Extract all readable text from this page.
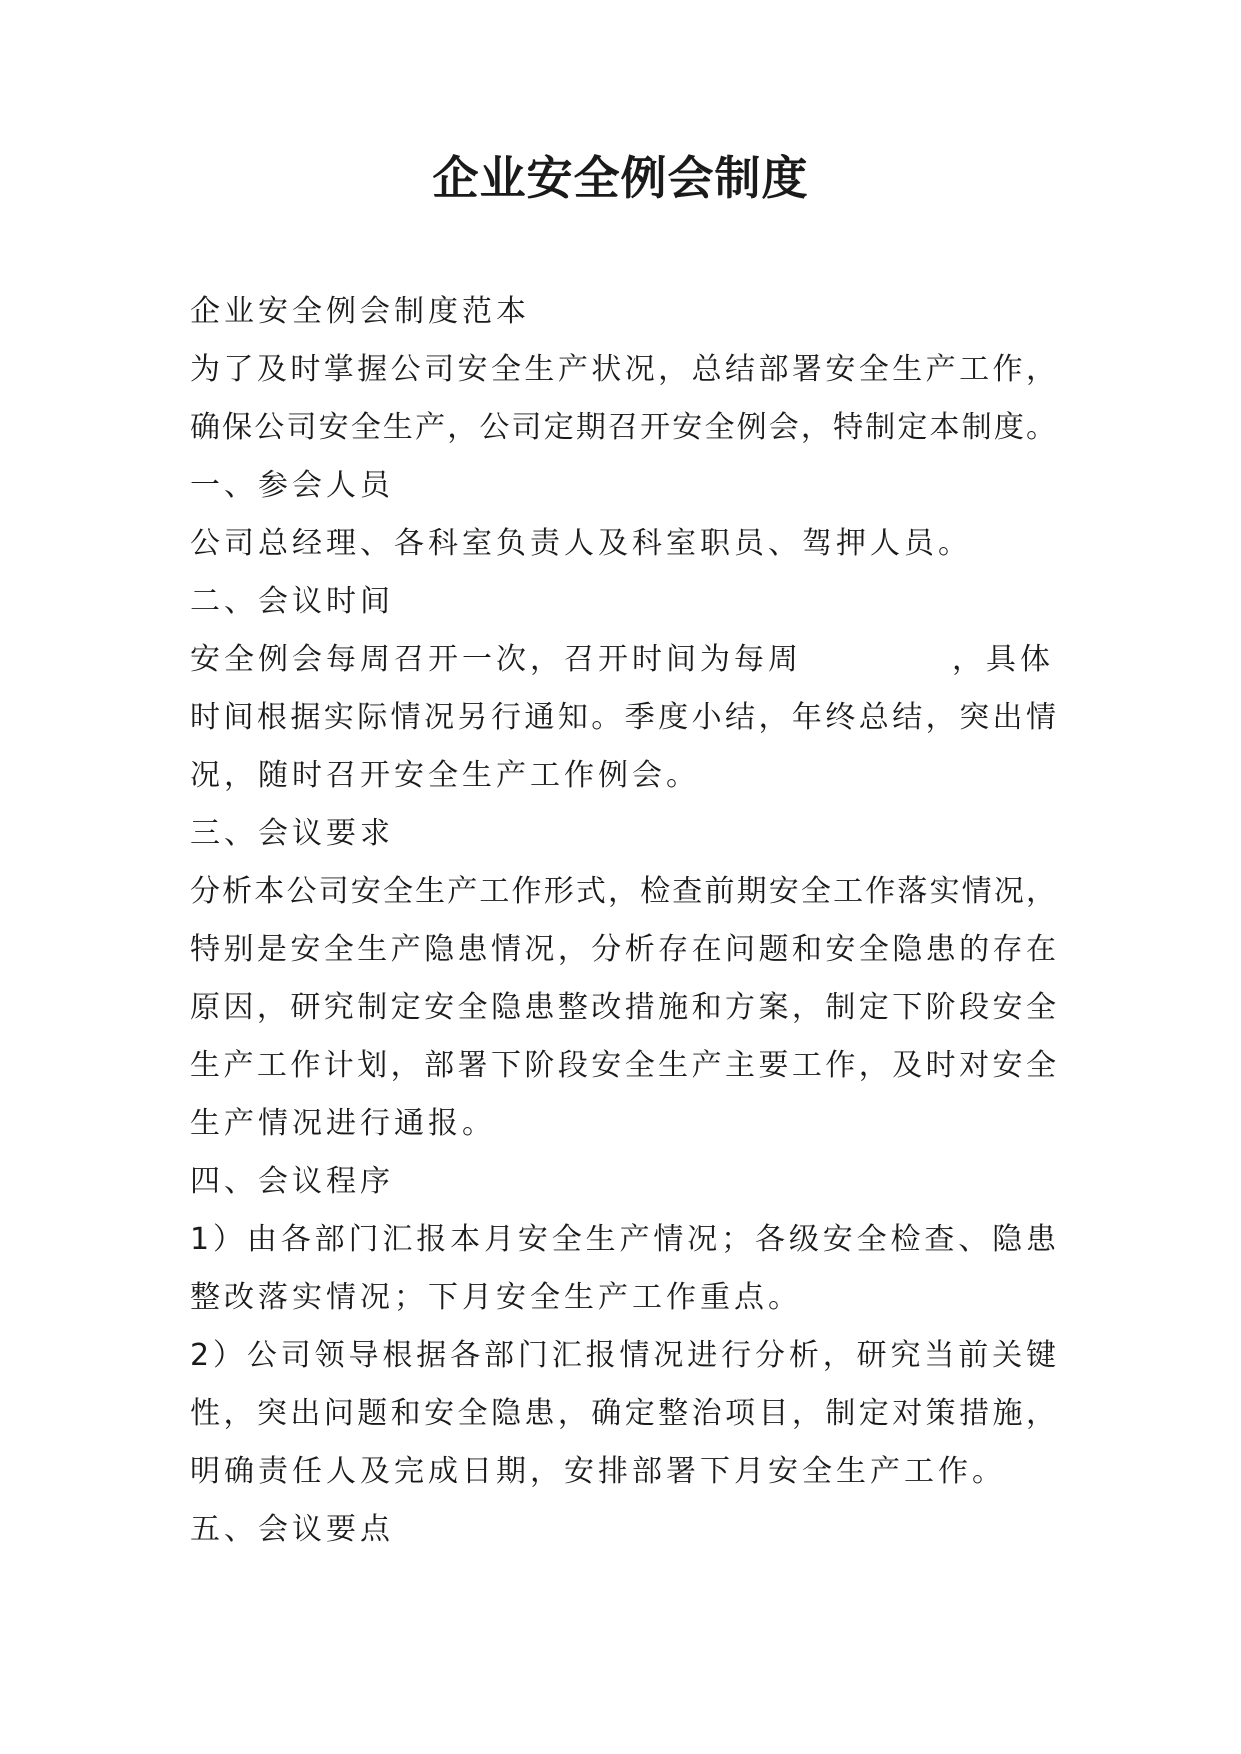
企业安全例会制度
企业安全例会制度范本
为了及时掌握公司安全生产状况，总结部署安全生产工作，
确保公司安全生产，公司定期召开安全例会，特制定本制度。
一、参会人员
公司总经理、各科室负责人及科室职员、驾押人员。
二、会议时间
安全例会每周召开一次，召开时间为每周	，具体
时间根据实际情况另行通知。季度小结，年终总结，突出情
况，随时召开安全生产工作例会。
三、会议要求
分析本公司安全生产工作形式，检查前期安全工作落实情况，
特别是安全生产隐患情况，分析存在问题和安全隐患的存在
原因，研究制定安全隐患整改措施和方案，制定下阶段安全
生产工作计划，部署下阶段安全生产主要工作，及时对安全
生产情况进行通报。
四、会议程序
1）由各部门汇报本月安全生产情况；各级安全检查、隐患
整改落实情况；下月安全生产工作重点。
2）公司领导根据各部门汇报情况进行分析，研究当前关键
性，突出问题和安全隐患，确定整治项目，制定对策措施，
明确责任人及完成日期，安排部署下月安全生产工作。
五、会议要点
